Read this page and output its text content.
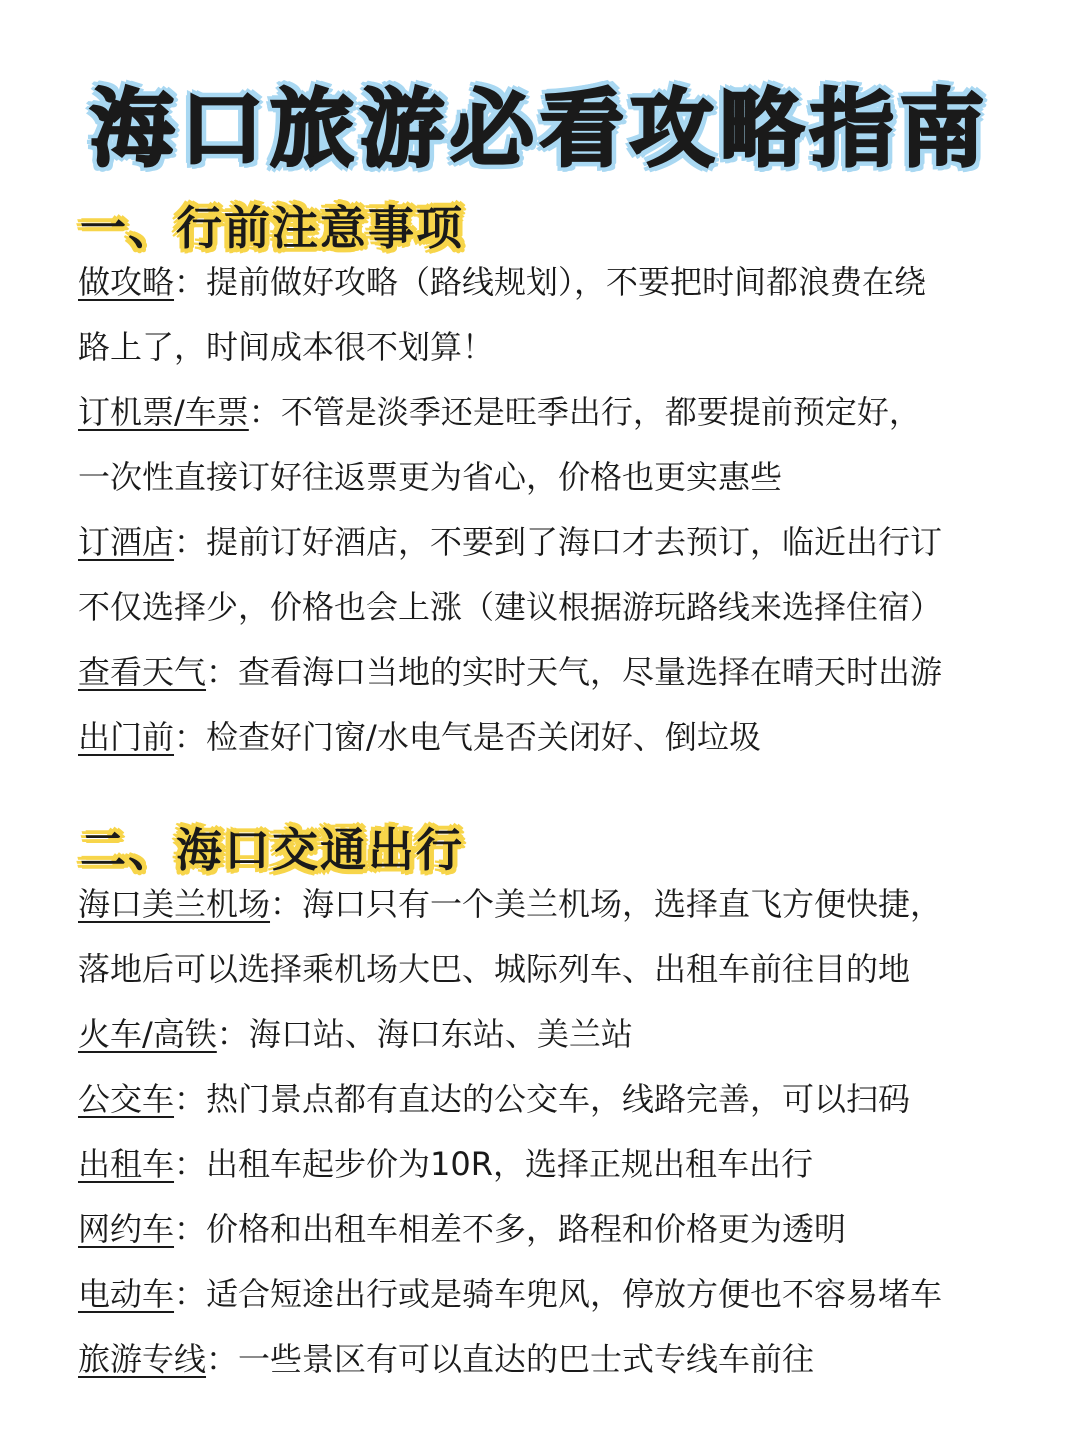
海口旅游必看攻略指南
一、行前注意事项
做攻略：提前做好攻略（路线规划），不要把时间都浪费在绕
路上了，时间成本很不划算！
订机票/车票：不管是淡季还是旺季出行，都要提前预定好，
一次性直接订好往返票更为省心，价格也更实惠些
订酒店：提前订好酒店，不要到了海口才去预订，临近出行订
不仅选择少，价格也会上涨（建议根据游玩路线来选择住宿）
查看天气：查看海口当地的实时天气，尽量选择在晴天时出游
出门前：检查好门窗/水电气是否关闭好、倒垃圾
二、海口交通出行
海口美兰机场：海口只有一个美兰机场，选择直飞方便快捷，
落地后可以选择乘机场大巴、城际列车、出租车前往目的地
火车/高铁：海口站、海口东站、美兰站
公交车：热门景点都有直达的公交车，线路完善，可以扫码
出租车：出租车起步价为10R，选择正规出租车出行
网约车：价格和出租车相差不多，路程和价格更为透明
电动车：适合短途出行或是骑车兜风，停放方便也不容易堵车
旅游专线：一些景区有可以直达的巴士式专线车前往
